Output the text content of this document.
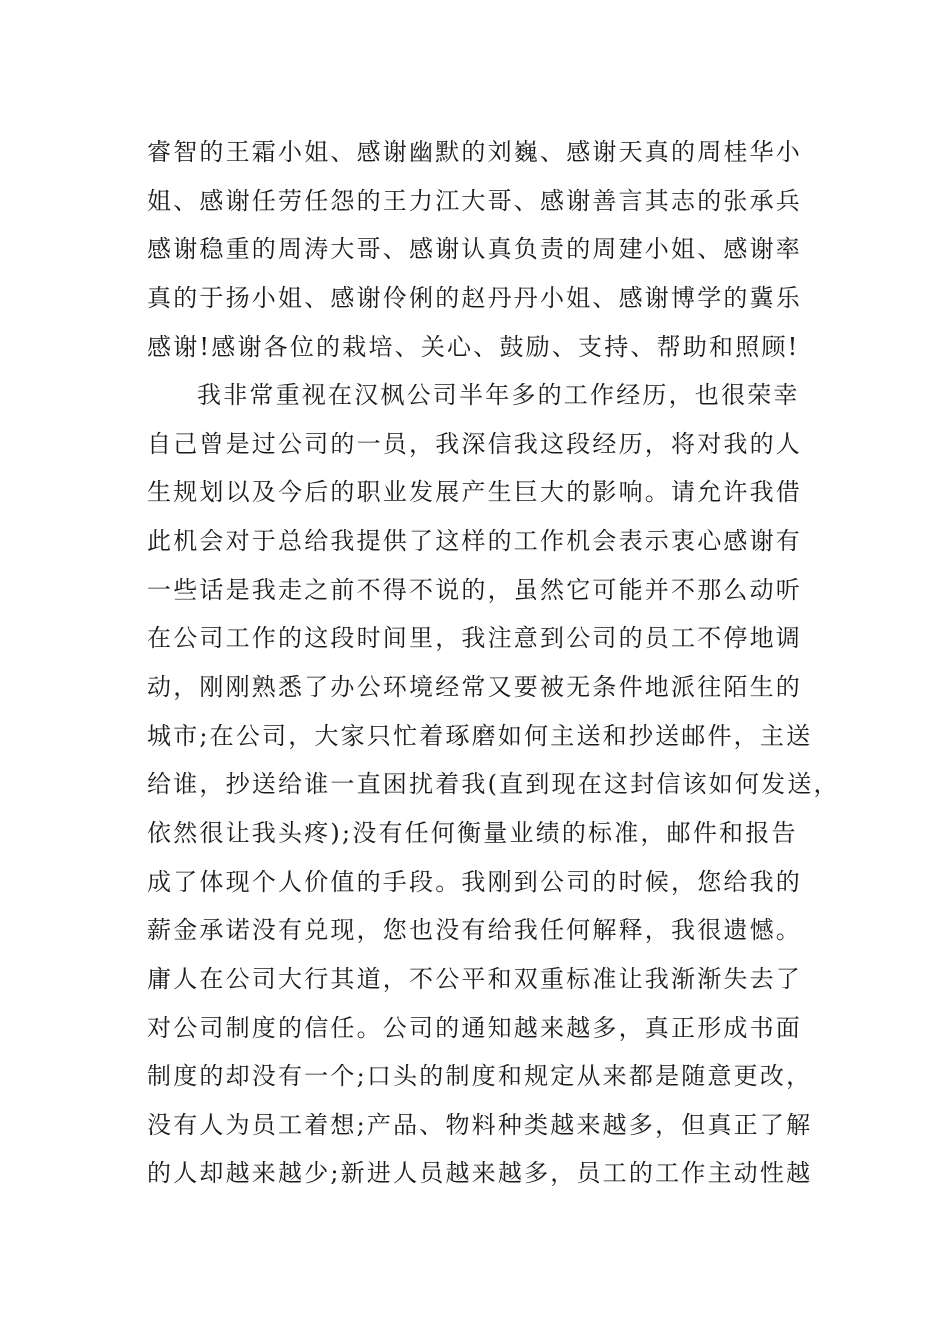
睿智的王霜小姐、感谢幽默的刘巍、感谢天真的周桂华小
姐、感谢任劳任怨的王力江大哥、感谢善言其志的张承兵
感谢稳重的周涛大哥、感谢认真负责的周建小姐、感谢率
真的于扬小姐、感谢伶俐的赵丹丹小姐、感谢博学的冀乐
感谢!感谢各位的栽培、关心、鼓励、支持、帮助和照顾!
我非常重视在汉枫公司半年多的工作经历，也很荣幸
自己曾是过公司的一员，我深信我这段经历，将对我的人
生规划以及今后的职业发展产生巨大的影响。请允许我借
此机会对于总给我提供了这样的工作机会表示衷心感谢有
一些话是我走之前不得不说的，虽然它可能并不那么动听
在公司工作的这段时间里，我注意到公司的员工不停地调
动，刚刚熟悉了办公环境经常又要被无条件地派往陌生的
城市;在公司，大家只忙着琢磨如何主送和抄送邮件，主送
给谁，抄送给谁一直困扰着我(直到现在这封信该如何发送，
依然很让我头疼);没有任何衡量业绩的标准，邮件和报告
成了体现个人价值的手段。我刚到公司的时候，您给我的
薪金承诺没有兑现，您也没有给我任何解释，我很遗憾。
庸人在公司大行其道，不公平和双重标准让我渐渐失去了
对公司制度的信任。公司的通知越来越多，真正形成书面
制度的却没有一个;口头的制度和规定从来都是随意更改，
没有人为员工着想;产品、物料种类越来越多，但真正了解
的人却越来越少;新进人员越来越多，员工的工作主动性越
